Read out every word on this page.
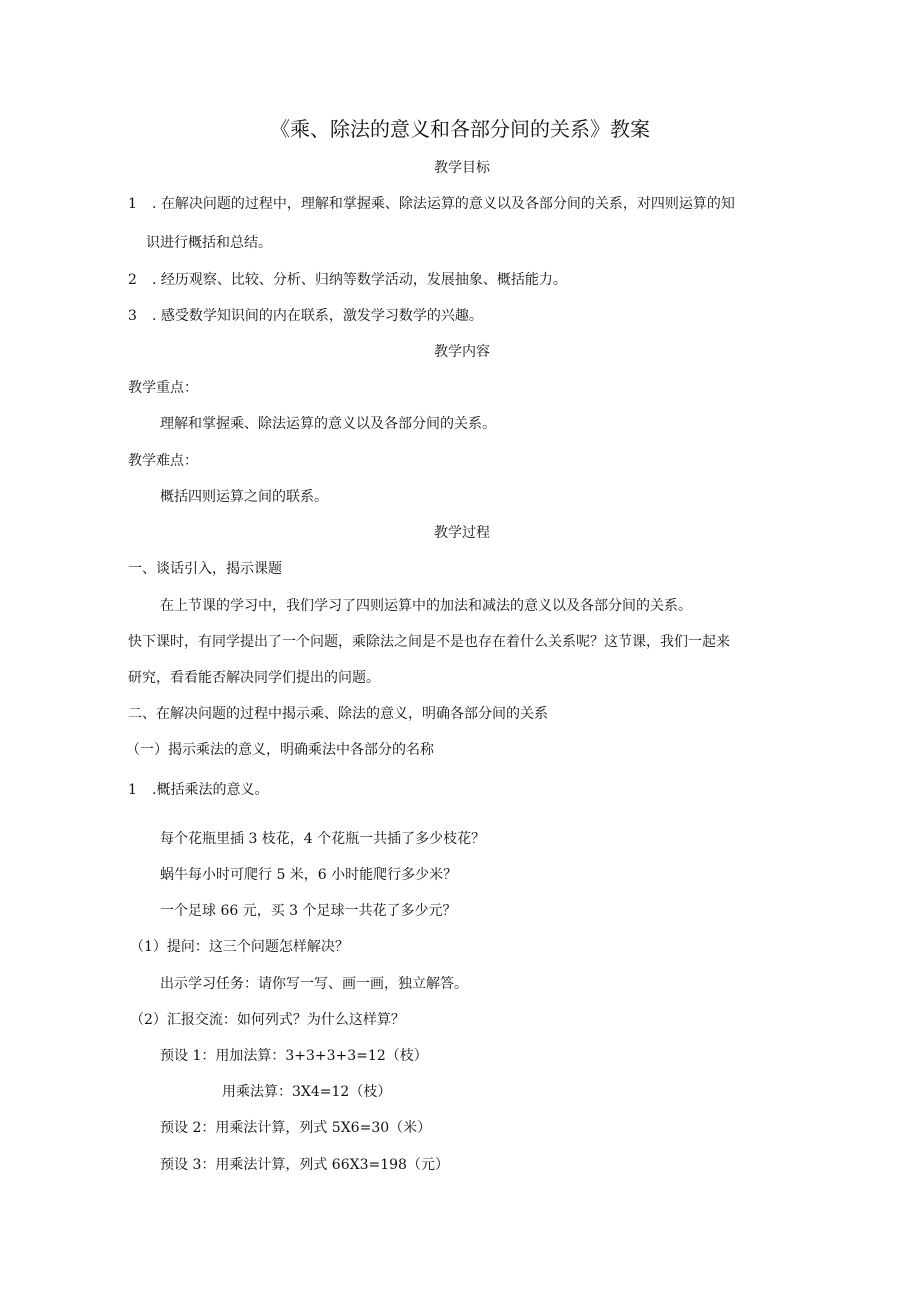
《乘、除法的意义和各部分间的关系》教案
教学目标
1 . 在解决问题的过程中，理解和掌握乘、除法运算的意义以及各部分间的关系，对四则运算的知
识进行概括和总结。
2 . 经历观察、比较、分析、归纳等数学活动，发展抽象、概括能力。
3 . 感受数学知识间的内在联系，激发学习数学的兴趣。
教学内容
教学重点：
理解和掌握乘、除法运算的意义以及各部分间的关系。
教学难点：
概括四则运算之间的联系。
教学过程
一、谈话引入，揭示课题
在上节课的学习中，我们学习了四则运算中的加法和减法的意义以及各部分间的关系。
快下课时，有同学提出了一个问题，乘除法之间是不是也存在着什么关系呢？这节课，我们一起来
研究，看看能否解决同学们提出的问题。
二、在解决问题的过程中揭示乘、除法的意义，明确各部分间的关系
（一）揭示乘法的意义，明确乘法中各部分的名称
1 .概括乘法的意义。
每个花瓶里插 3 枝花，4 个花瓶一共插了多少枝花？
蜗牛每小时可爬行 5 米，6 小时能爬行多少米？
一个足球 66 元，买 3 个足球一共花了多少元？
（1）提问：这三个问题怎样解决？
出示学习任务：请你写一写、画一画，独立解答。
（2）汇报交流：如何列式？为什么这样算？
预设 1：用加法算：3+3+3+3=12（枝）
用乘法算：3X4=12（枝）
预设 2：用乘法计算，列式 5X6=30（米）
预设 3：用乘法计算，列式 66X3=198（元）
